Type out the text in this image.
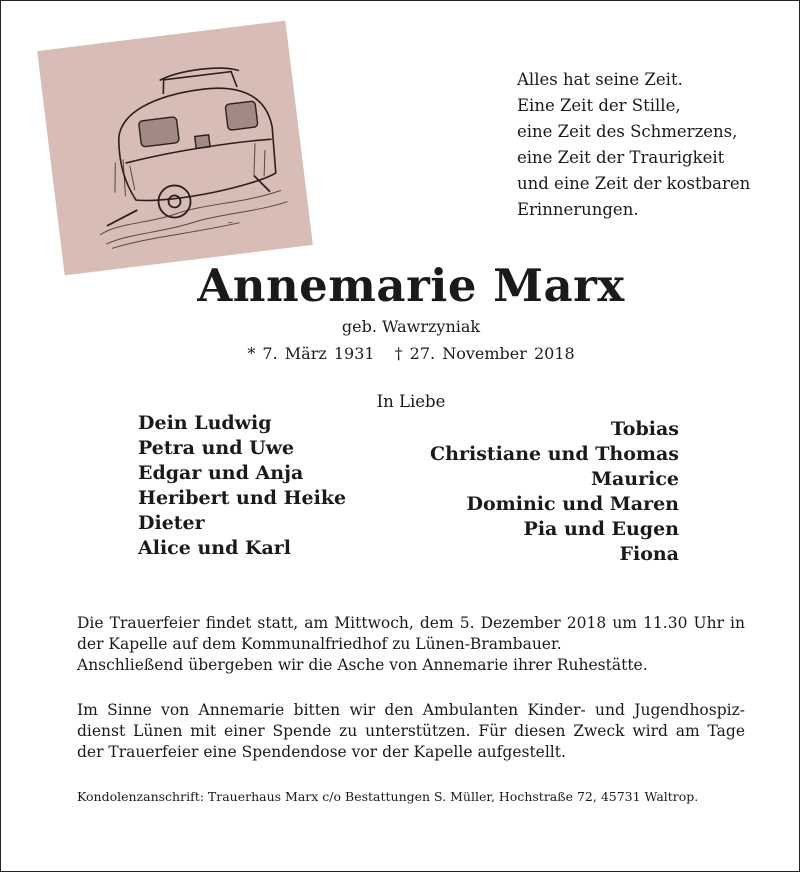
~
Alles hat seine Zeit.
Eine Zeit der Stille,
eine Zeit des Schmerzens,
eine Zeit der Traurigkeit
und eine Zeit der kostbaren
Erinnerungen.
Annemarie Marx
geb. Wawrzyniak
* 7. März 1931 † 27. November 2018
In Liebe
Dein Ludwig
Petra und Uwe
Edgar und Anja
Heribert und Heike
Dieter
Alice und Karl
Tobias
Christiane und Thomas
Maurice
Dominic und Maren
Pia und Eugen
Fiona
Die Trauerfeier findet statt, am Mittwoch, dem 5. Dezember 2018 um 11.30 Uhr in
der Kapelle auf dem Kommunalfriedhof zu Lünen-Brambauer.
Anschließend übergeben wir die Asche von Annemarie ihrer Ruhestätte.
Im Sinne von Annemarie bitten wir den Ambulanten Kinder- und Jugendhospiz-
dienst Lünen mit einer Spende zu unterstützen. Für diesen Zweck wird am Tage
der Trauerfeier eine Spendendose vor der Kapelle aufgestellt.
Kondolenzanschrift: Trauerhaus Marx c/o Bestattungen S. Müller, Hochstraße 72, 45731 Waltrop.
